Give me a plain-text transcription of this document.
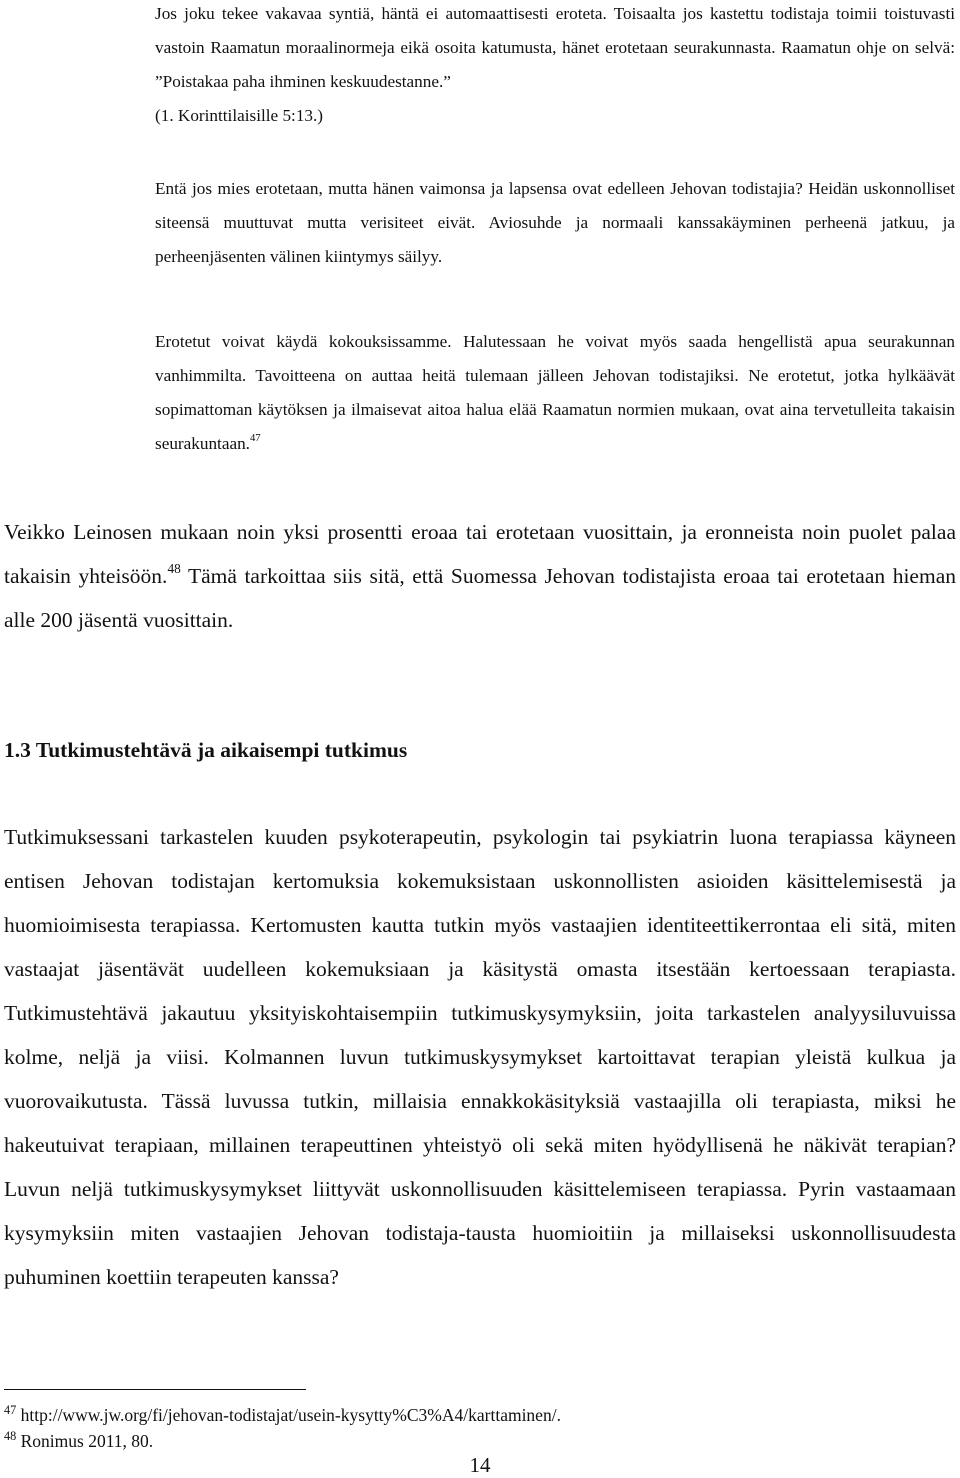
Jos joku tekee vakavaa syntiä, häntä ei automaattisesti eroteta. Toisaalta jos kastettu todistaja toimii toistuvasti vastoin Raamatun moraalinormeja eikä osoita katumusta, hänet erotetaan seurakunnasta. Raamatun ohje on selvä: ”Poistakaa paha ihminen keskuudestanne.”
(1. Korinttilaisille 5:13.)

Entä jos mies erotetaan, mutta hänen vaimonsa ja lapsensa ovat edelleen Jehovan todistajia? Heidän uskonnolliset siteensä muuttuvat mutta verisiteet eivät. Aviosuhde ja normaali kanssakäyminen perheenä jatkuu, ja perheenjäsenten välinen kiintymys säilyy.

Erotetut voivat käydä kokouksissamme. Halutessaan he voivat myös saada hengellistä apua seurakunnan vanhimmilta. Tavoitteena on auttaa heitä tulemaan jälleen Jehovan todistajiksi. Ne erotetut, jotka hylkäävät sopimattoman käytöksen ja ilmaisevat aitoa halua elää Raamatun normien mukaan, ovat aina tervetulleita takaisin seurakuntaan.$^{47}$

Veikko Leinosen mukaan noin yksi prosentti eroaa tai erotetaan vuosittain, ja eronneista noin puolet palaa takaisin yhteisöön.$^{48}$ Tämä tarkoittaa siis sitä, että Suomessa Jehovan todistajista eroaa tai erotetaan hieman alle 200 jäsentä vuosittain.

1.3 Tutkimustehtävä ja aikaisempi tutkimus

Tutkimuksessani tarkastelen kuuden psykoterapeutin, psykologin tai psykiatrin luona terapiassa käyneen entisen Jehovan todistajan kertomuksia kokemuksistaan uskonnollisten asioiden käsittelemisestä ja huomioimisesta terapiassa. Kertomusten kautta tutkin myös vastaajien identiteettikerrontaa eli sitä, miten vastaajat jäsentävät uudelleen kokemuksiaan ja käsitystä omasta itsestään kertoessaan terapiasta. Tutkimustehtävä jakautuu yksityiskohtaisempiin tutkimuskysymyksiin, joita tarkastelen analyysiluvuissa kolme, neljä ja viisi. Kolmannen luvun tutkimuskysymykset kartoittavat terapian yleistä kulkua ja vuorovaikutusta. Tässä luvussa tutkin, millaisia ennakkokäsityksiä vastaajilla oli terapiasta, miksi he hakeutuivat terapiaan, millainen terapeuttinen yhteistyö oli sekä miten hyödyllisenä he näkivät terapian? Luvun neljä tutkimuskysymykset liittyvät uskonnollisuuden käsittelemiseen terapiassa. Pyrin vastaamaan kysymyksiin miten vastaajien Jehovan todistaja-tausta huomioitiin ja millaiseksi uskonnollisuudesta puhuminen koettiin terapeuten kanssa?

$^{47}$ http://www.jw.org/fi/jehovan-todistajat/usein-kysytty%C3%A4/karttaminen/.

$^{48}$ Ronimus 2011, 80.

14
